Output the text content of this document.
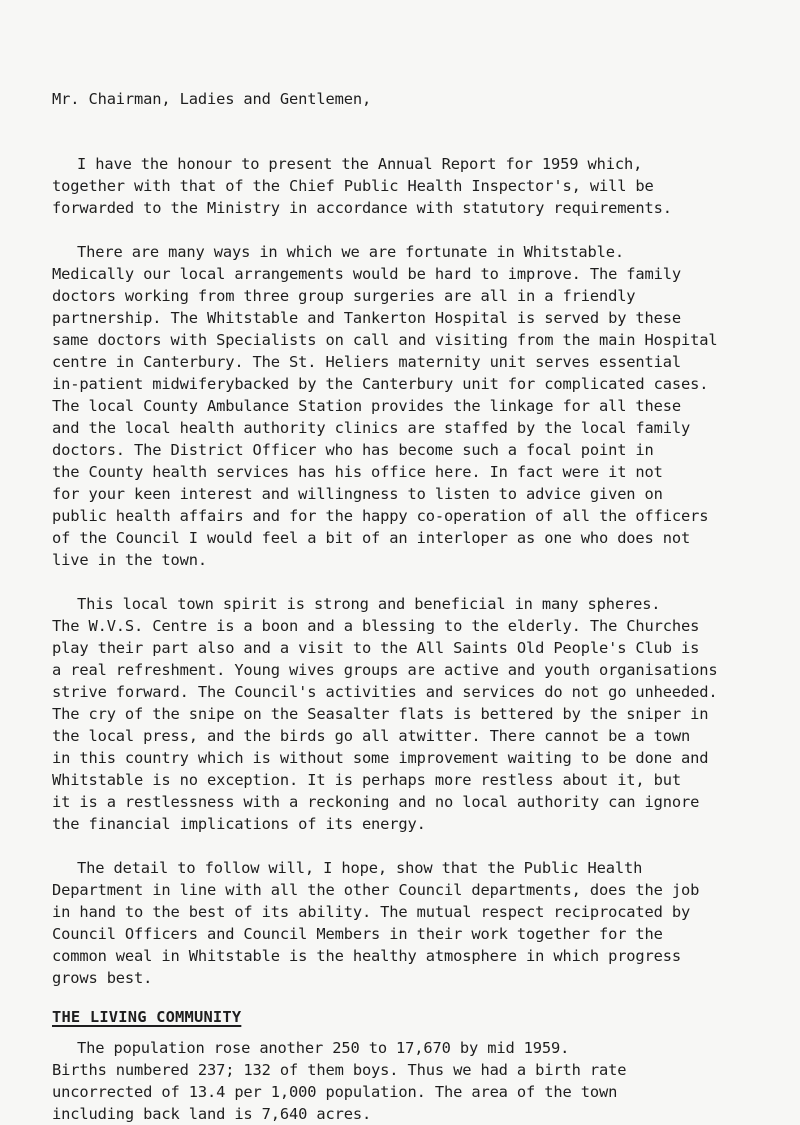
Mr. Chairman, Ladies and Gentlemen,

I have the honour to present the Annual Report for 1959 which,

together with that of the Chief Public Health Inspector's, will be

forwarded to the Ministry in accordance with statutory requirements.

There are many ways in which we are fortunate in Whitstable.

Medically our local arrangements would be hard to improve. The family

doctors working from three group surgeries are all in a friendly

partnership. The Whitstable and Tankerton Hospital is served by these

same doctors with Specialists on call and visiting from the main Hospital

centre in Canterbury. The St. Heliers maternity unit serves essential

in-patient midwiferybacked by the Canterbury unit for complicated cases.

The local County Ambulance Station provides the linkage for all these

and the local health authority clinics are staffed by the local family

doctors. The District Officer who has become such a focal point in

the County health services has his office here. In fact were it not

for your keen interest and willingness to listen to advice given on

public health affairs and for the happy co-operation of all the officers

of the Council I would feel a bit of an interloper as one who does not

live in the town.

This local town spirit is strong and beneficial in many spheres.

The W.V.S. Centre is a boon and a blessing to the elderly. The Churches

play their part also and a visit to the All Saints Old People's Club is

a real refreshment. Young wives groups are active and youth organisations

strive forward. The Council's activities and services do not go unheeded.

The cry of the snipe on the Seasalter flats is bettered by the sniper in

the local press, and the birds go all atwitter. There cannot be a town

in this country which is without some improvement waiting to be done and

Whitstable is no exception. It is perhaps more restless about it, but

it is a restlessness with a reckoning and no local authority can ignore

the financial implications of its energy.

The detail to follow will, I hope, show that the Public Health

Department in line with all the other Council departments, does the job

in hand to the best of its ability. The mutual respect reciprocated by

Council Officers and Council Members in their work together for the

common weal in Whitstable is the healthy atmosphere in which progress

grows best.

THE LIVING COMMUNITY

The population rose another 250 to 17,670 by mid 1959.

Births numbered 237; 132 of them boys. Thus we had a birth rate

uncorrected of 13.4 per 1,000 population. The area of the town

including back land is 7,640 acres.
